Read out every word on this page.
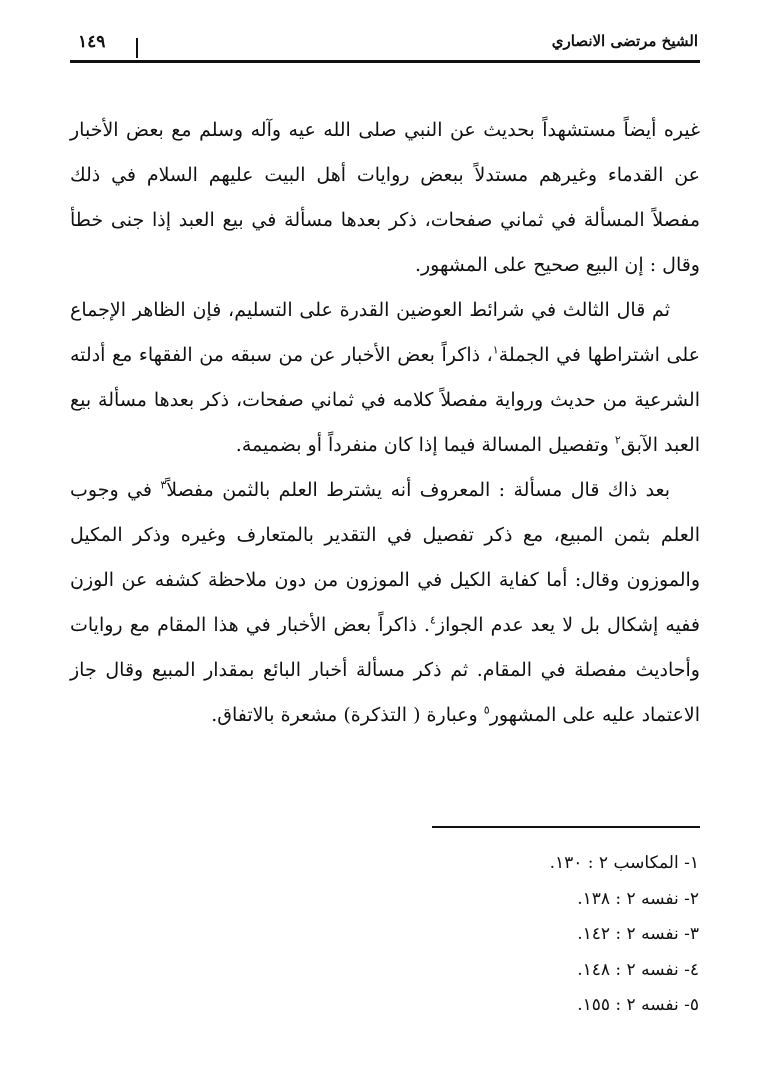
الشيخ مرتضى الانصاري
١٤٩

غيره أيضاً مستشهداً بحديث عن النبي صلى الله عيه وآله وسلم مع بعض الأخبار عن القدماء وغيرهم مستدلاً ببعض روايات أهل البيت عليهم السلام في ذلك مفصلاً المسألة في ثماني صفحات، ذكر بعدها مسألة في بيع العبد إذا جنى خطأ وقال : إن البيع صحيح على المشهور.

ثم قال الثالث في شرائط العوضين القدرة على التسليم، فإن الظاهر الإجماع على اشتراطها في الجملة$^١$، ذاكراً بعض الأخبار عن من سبقه من الفقهاء مع أدلته الشرعية من حديث ورواية مفصلاً كلامه في ثماني صفحات، ذكر بعدها مسألة بيع العبد الآبق$^٢$ وتفصيل المسالة فيما إذا كان منفرداً أو بضميمة.

بعد ذاك قال مسألة : المعروف أنه يشترط العلم بالثمن مفصلاً$^٣$ في وجوب العلم بثمن المبيع، مع ذكر تفصيل في التقدير بالمتعارف وغيره وذكر المكيل والموزون وقال: أما كفاية الكيل في الموزون من دون ملاحظة كشفه عن الوزن ففيه إشكال بل لا يعد عدم الجواز$^٤$. ذاكراً بعض الأخبار في هذا المقام مع روايات وأحاديث مفصلة في المقام. ثم ذكر مسألة أخبار البائع بمقدار المبيع وقال جاز الاعتماد عليه على المشهور$^٥$ وعبارة ( التذكرة) مشعرة بالاتفاق.

١- المكاسب ٢ : ١٣٠.
٢- نفسه ٢ : ١٣٨.
٣- نفسه ٢ : ١٤٢.
٤- نفسه ٢ : ١٤٨.
٥- نفسه ٢ : ١٥٥.
